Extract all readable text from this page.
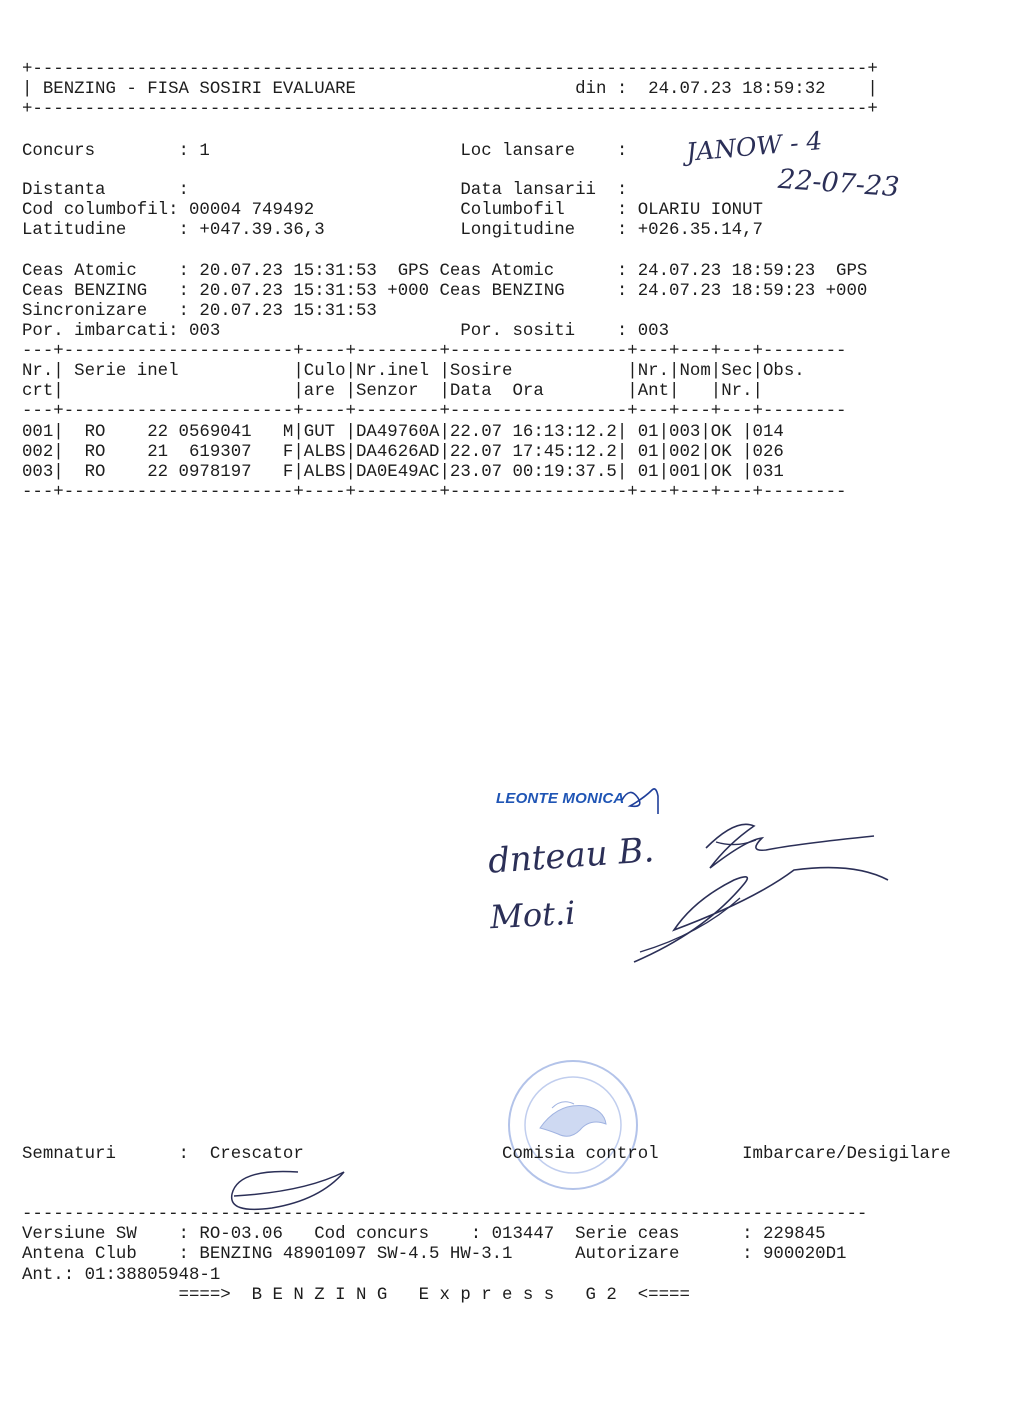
+--------------------------------------------------------------------------------+
| BENZING - FISA SOSIRI EVALUARE                     din :  24.07.23 18:59:32    |
+--------------------------------------------------------------------------------+
Concurs        : 1                        Loc lansare    :
Distanta       :                          Data lansarii  :
Cod columbofil: 00004 749492              Columbofil     : OLARIU IONUT
Latitudine     : +047.39.36,3             Longitudine    : +026.35.14,7
Ceas Atomic    : 20.07.23 15:31:53  GPS Ceas Atomic      : 24.07.23 18:59:23  GPS
Ceas BENZING   : 20.07.23 15:31:53 +000 Ceas BENZING     : 24.07.23 18:59:23 +000
Sincronizare   : 20.07.23 15:31:53
Por. imbarcati: 003                       Por. sositi    : 003
---+----------------------+----+--------+-----------------+---+---+---+--------
Nr.| Serie inel           |Culo|Nr.inel |Sosire           |Nr.|Nom|Sec|Obs.
crt|                      |are |Senzor  |Data  Ora        |Ant|   |Nr.|
---+----------------------+----+--------+-----------------+---+---+---+--------
001|  RO    22 0569041   M|GUT |DA49760A|22.07 16:13:12.2| 01|003|OK |014
002|  RO    21  619307   F|ALBS|DA4626AD|22.07 17:45:12.2| 01|002|OK |026
003|  RO    22 0978197   F|ALBS|DA0E49AC|23.07 00:19:37.5| 01|001|OK |031
---+----------------------+----+--------+-----------------+---+---+---+--------
JANOW - 4
22-07-23
LEONTE MONICA
dnteau B.
Mot.i
Semnaturi      :  Crescator                   Comisia control        Imbarcare/Desigilare
---------------------------------------------------------------------------------
Versiune SW    : RO-03.06   Cod concurs    : 013447  Serie ceas      : 229845
Antena Club    : BENZING 48901097 SW-4.5 HW-3.1      Autorizare      : 900020D1
Ant.: 01:38805948-1
====>  B E N Z I N G   E x p r e s s   G 2  <====
